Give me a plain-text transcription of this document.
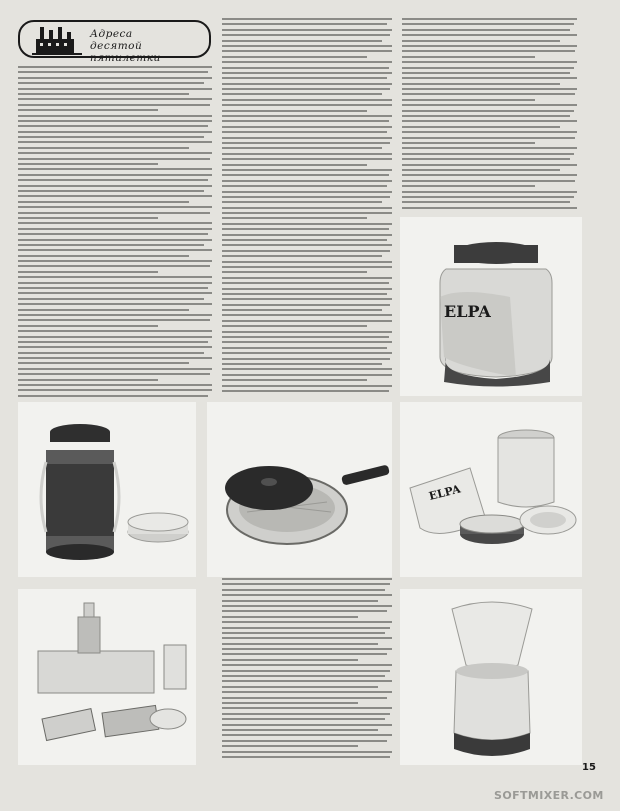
Адреса
десятой пятилетки
ELPA
ELPA
15
SOFTMIXER.COM
